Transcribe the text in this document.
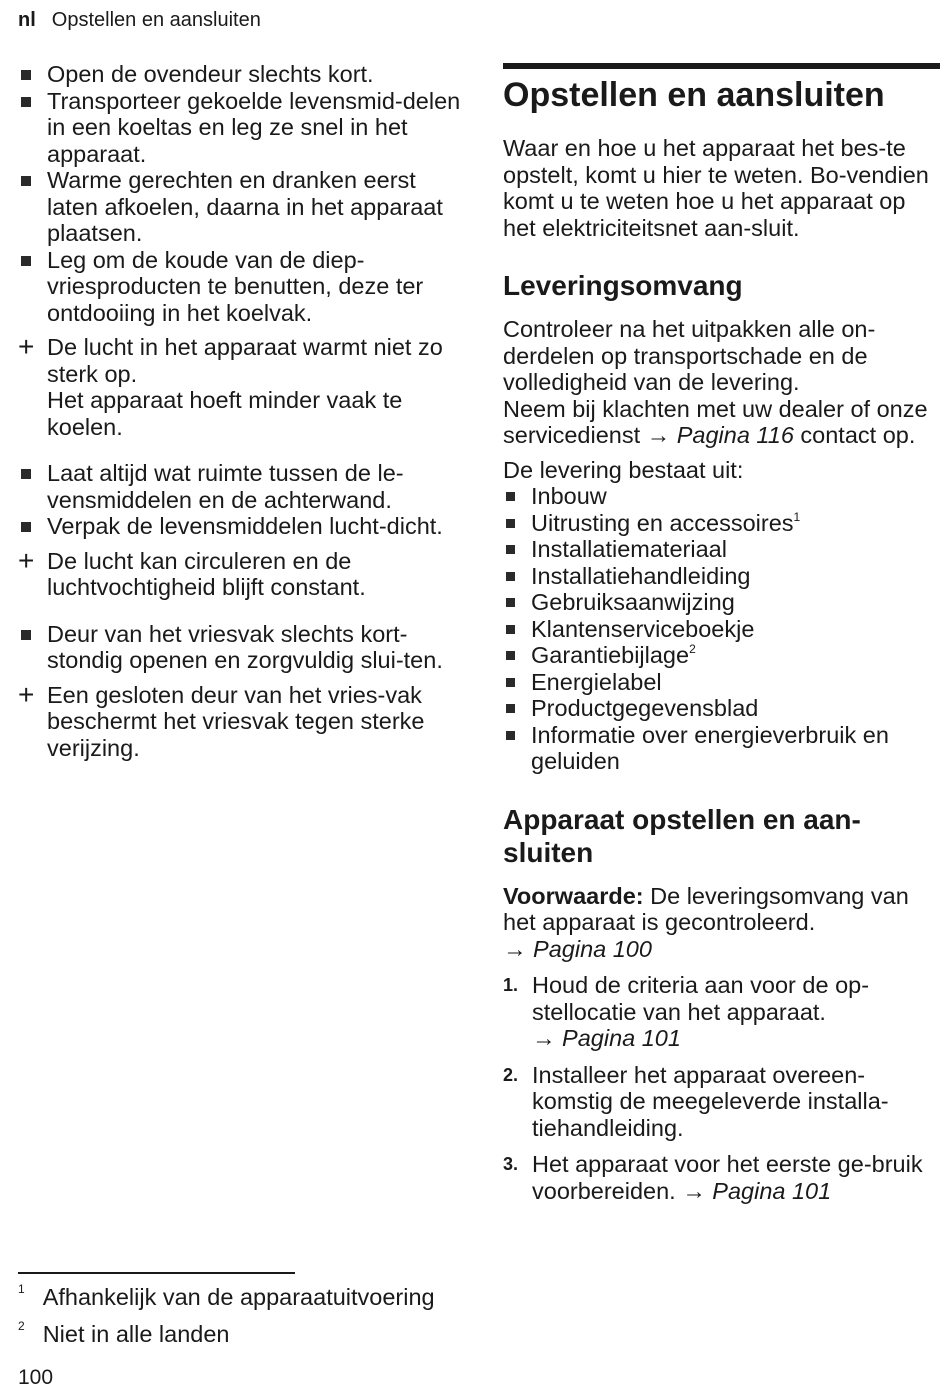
nl Opstellen en aansluiten
Open de ovendeur slechts kort.
Transporteer gekoelde levensmid-delen in een koeltas en leg ze snel in het apparaat.
Warme gerechten en dranken eerst laten afkoelen, daarna in het apparaat plaatsen.
Leg om de koude van de diep-vriesproducten te benutten, deze ter ontdooiing in het koelvak.
+ De lucht in het apparaat warmt niet zo sterk op.
Het apparaat hoeft minder vaak te koelen.
Laat altijd wat ruimte tussen de le-vensmiddelen en de achterwand.
Verpak de levensmiddelen lucht-dicht.
+ De lucht kan circuleren en de luchtvochtigheid blijft constant.
Deur van het vriesvak slechts kort-stondig openen en zorgvuldig slui-ten.
+ Een gesloten deur van het vries-vak beschermt het vriesvak tegen sterke verijzing.
Opstellen en aansluiten

Waar en hoe u het apparaat het bes-te opstelt, komt u hier te weten. Bo-vendien komt u te weten hoe u het apparaat op het elektriciteitsnet aan-sluit.

Leveringsomvang

Controleer na het uitpakken alle on-derdelen op transportschade en de volledigheid van de levering.

Neem bij klachten met uw dealer of onze servicedienst → Pagina 116 contact op.

De levering bestaat uit:

Inbouw
Uitrusting en accessoires$^1$
Installatiemateriaal
Installatiehandleiding
Gebruiksaanwijzing
Klantenserviceboekje
Garantiebijlage$^2$
Energielabel
Productgegevensblad
Informatie over energieverbruik en geluiden
Apparaat opstellen en aan-sluiten

Voorwaarde: De leveringsomvang van het apparaat is gecontroleerd.
→ Pagina 100

1. Houd de criteria aan voor de op-stellocatie van het apparaat.
→ Pagina 101
2. Installeer het apparaat overeen-komstig de meegeleverde installa-tiehandleiding.
3. Het apparaat voor het eerste ge-bruik voorbereiden. → Pagina 101
$^1$ Afhankelijk van de apparaatuitvoering
$^2$ Niet in alle landen
100
